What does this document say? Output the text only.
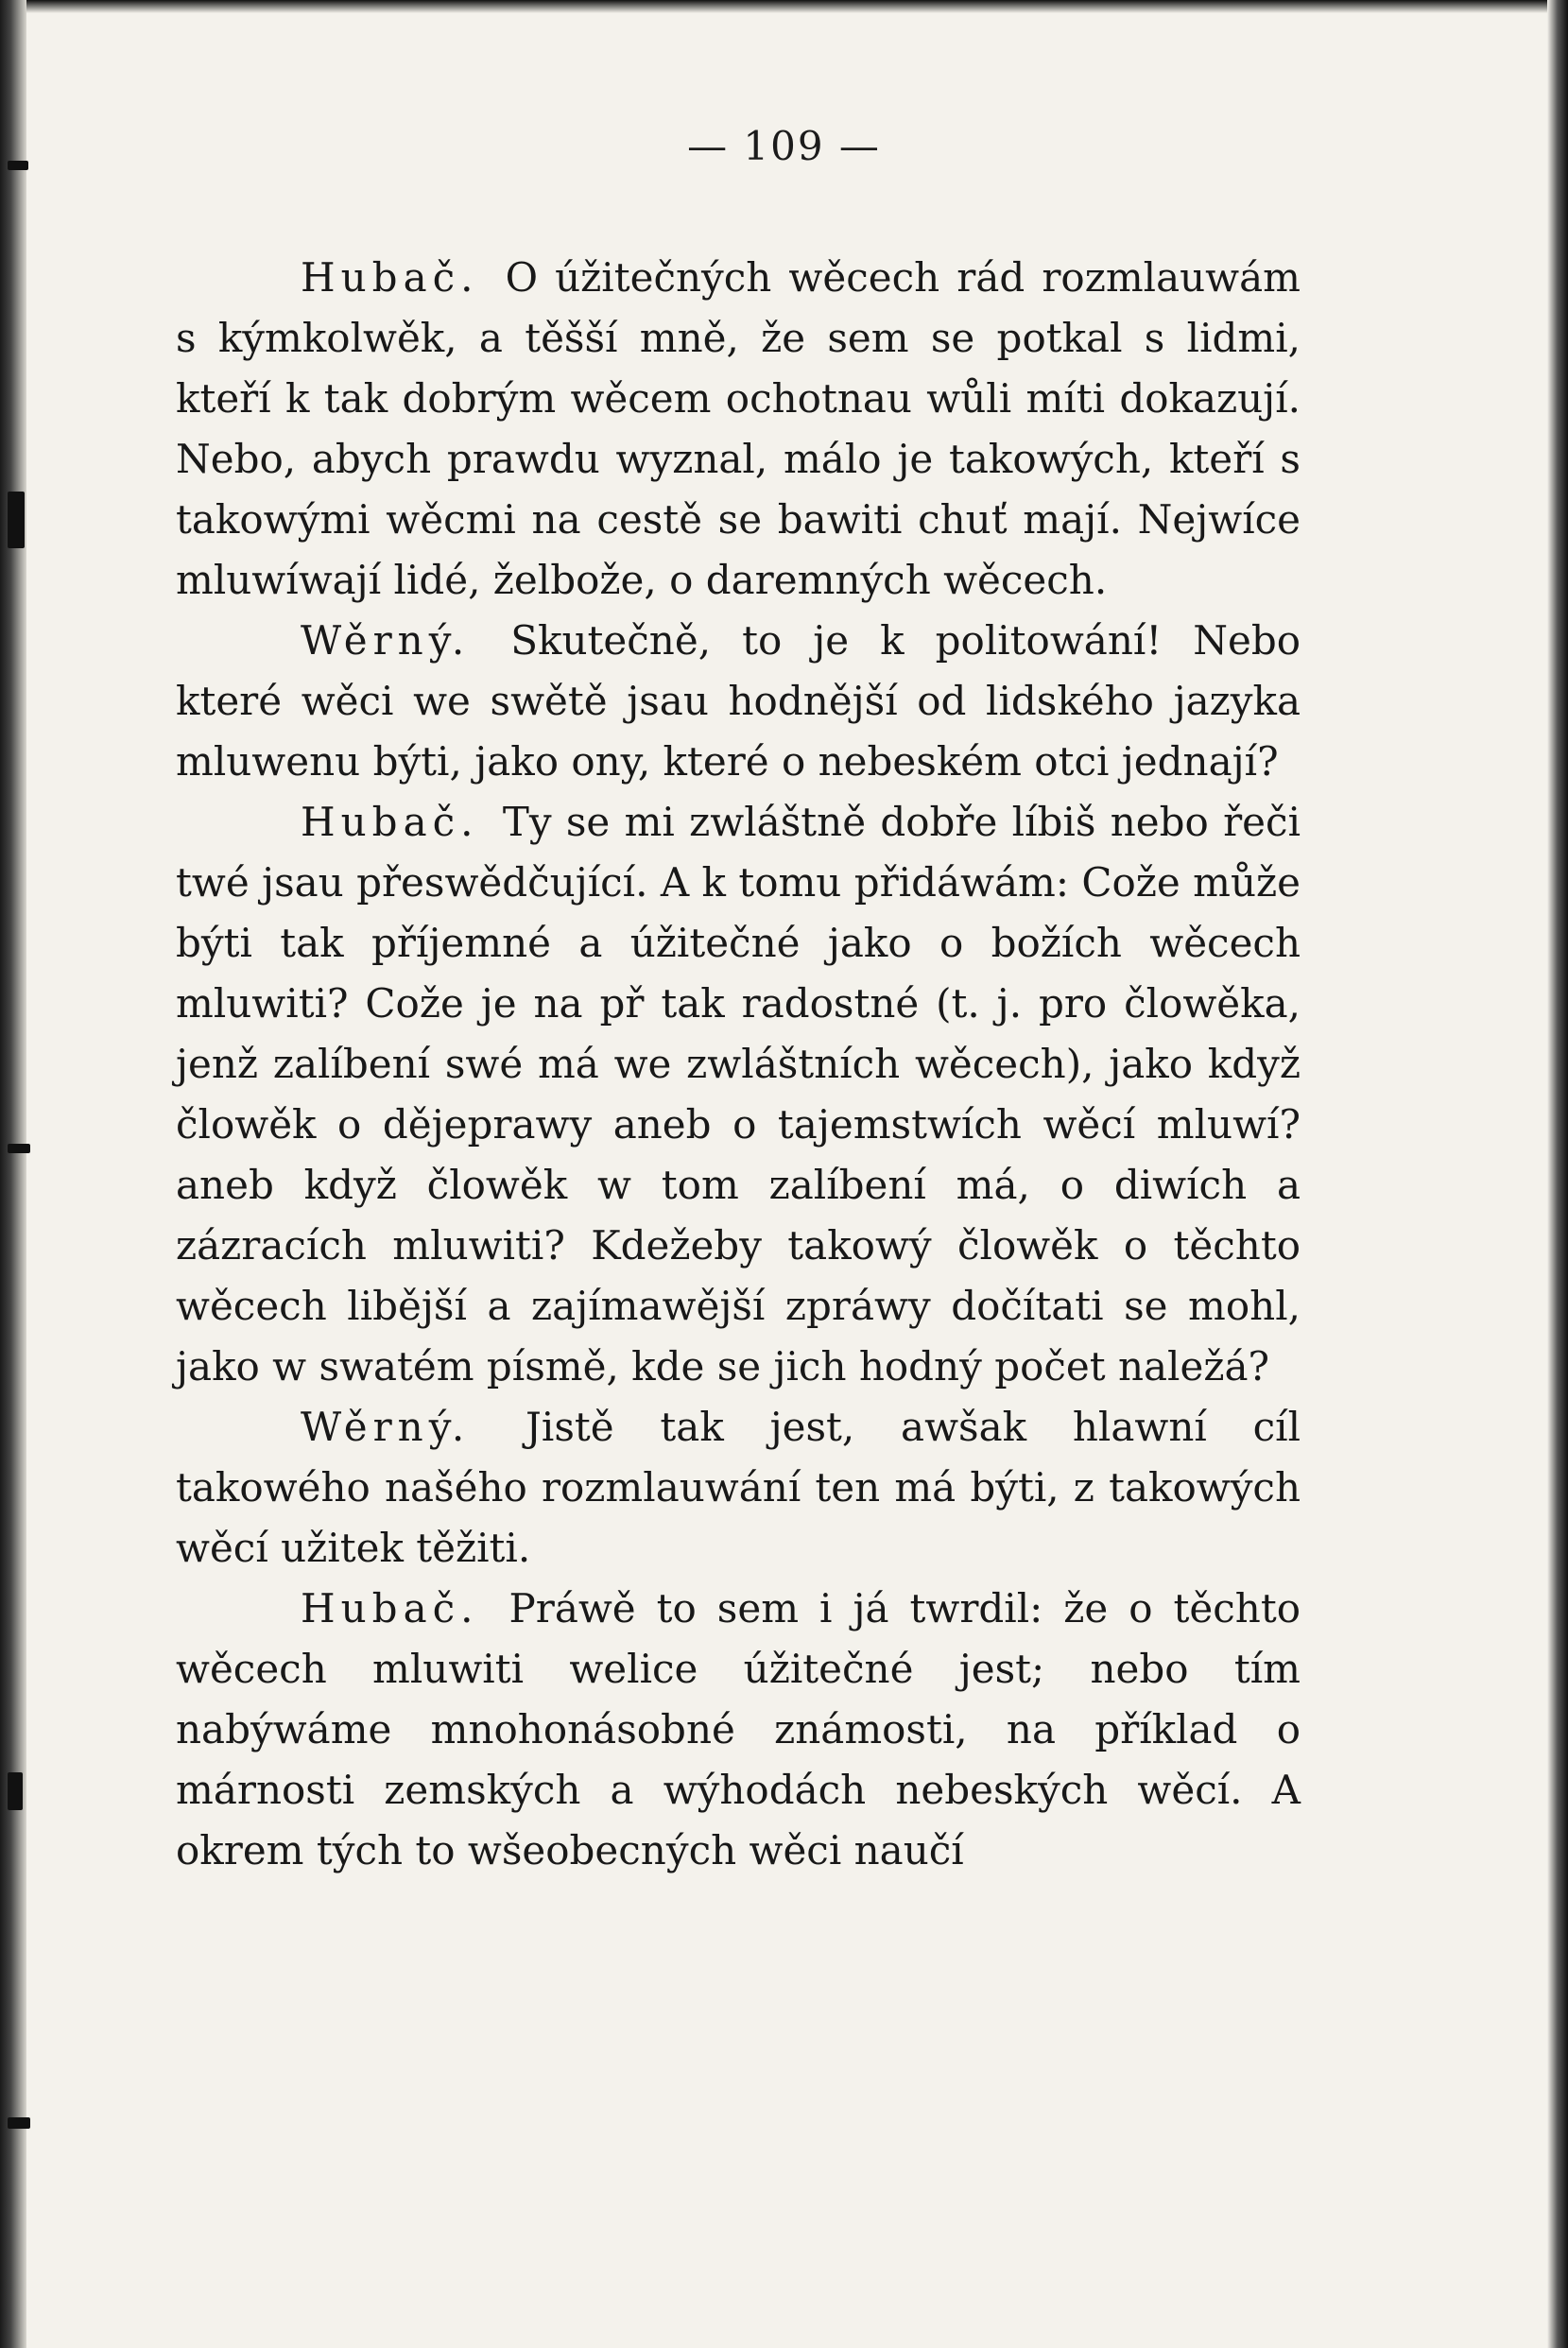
— 109 —

Hubač. O úžitečných wěcech rád rozmlauwám s kýmkolwěk, a těšší mně, že sem se potkal s lidmi, kteří k tak dobrým wěcem ochotnau wůli míti dokazují. Nebo, abych prawdu wyznal, málo je takowých, kteří s takowými wěcmi na cestě se bawiti chuť mají. Nejwíce mluwíwají lidé, želbože, o daremných wěcech.

Wěrný. Skutečně, to je k politowání! Nebo které wěci we swětě jsau hodnější od lidského jazyka mluwenu býti, jako ony, které o nebeském otci jednají?

Hubač. Ty se mi zwláštně dobře líbiš nebo řeči twé jsau přeswědčující. A k tomu přidáwám: Cože může býti tak příjemné a úžitečné jako o božích wěcech mluwiti? Cože je na př tak radostné (t. j. pro člowěka, jenž zalíbení swé má we zwláštních wěcech), jako když člowěk o dějeprawy aneb o tajemstwích wěcí mluwí? aneb když člowěk w tom zalíbení má, o diwích a zázracích mluwiti? Kdežeby takowý člowěk o těchto wěcech libější a zajímawější zpráwy dočítati se mohl, jako w swatém písmě, kde se jich hodný počet naležá?

Wěrný. Jistě tak jest, awšak hlawní cíl takowého našého rozmlauwání ten má býti, z takowých wěcí užitek těžiti.

Hubač. Práwě to sem i já twrdil: že o těchto wěcech mluwiti welice úžitečné jest; nebo tím nabýwáme mnohonásobné známosti, na příklad o márnosti zemských a wýhodách nebeských wěcí. A okrem tých to wšeobecných wěci naučí
